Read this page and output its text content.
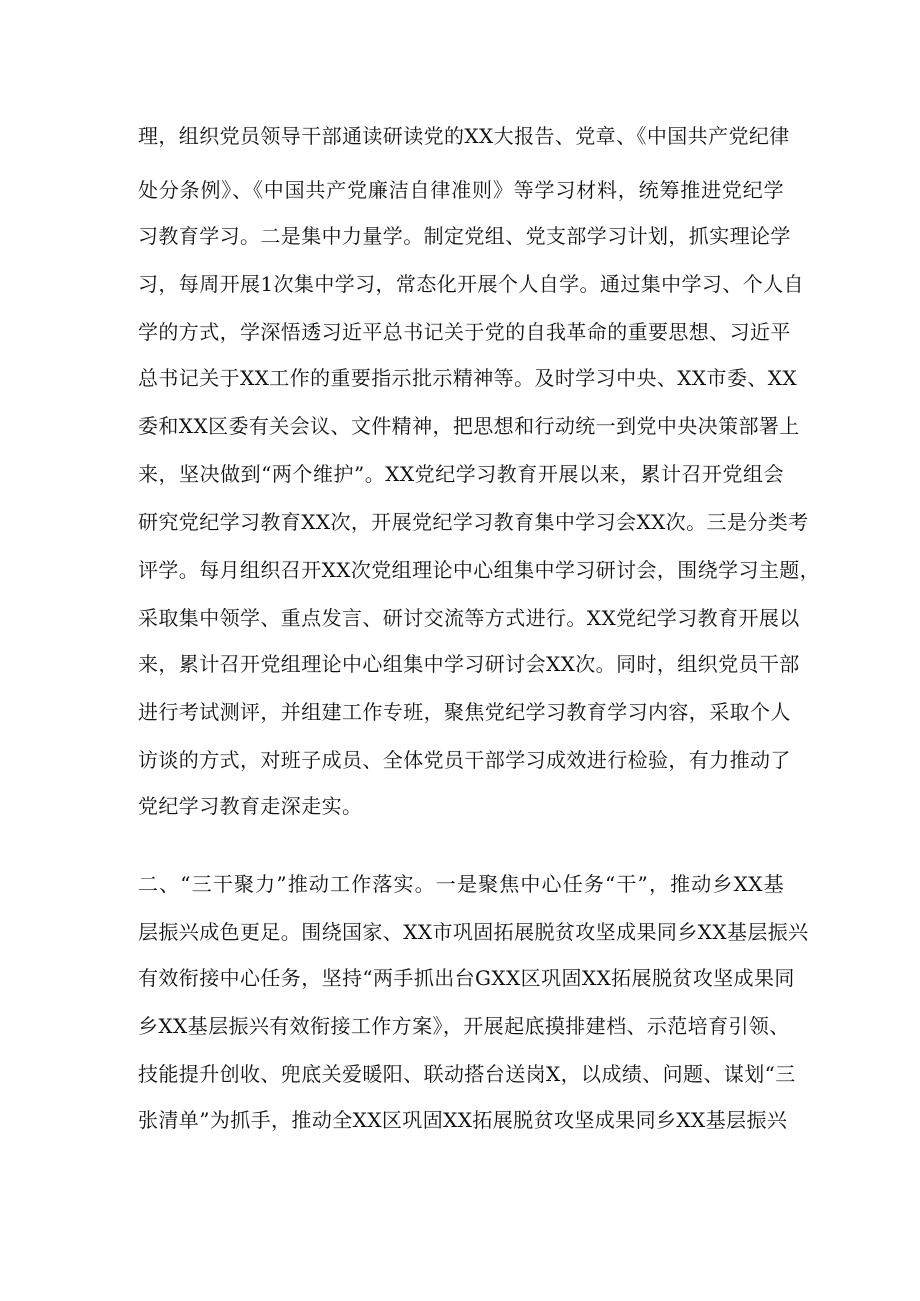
理，组织党员领导干部通读研读党的XX大报告、党章、《中国共产党纪律
处分条例》、《中国共产党廉洁自律准则》等学习材料，统筹推进党纪学
习教育学习。二是集中力量学。制定党组、党支部学习计划，抓实理论学
习，每周开展1次集中学习，常态化开展个人自学。通过集中学习、个人自
学的方式，学深悟透习近平总书记关于党的自我革命的重要思想、习近平
总书记关于XX工作的重要指示批示精神等。及时学习中央、XX市委、XX
委和XX区委有关会议、文件精神，把思想和行动统一到党中央决策部署上
来，坚决做到“两个维护”。XX党纪学习教育开展以来，累计召开党组会
研究党纪学习教育XX次，开展党纪学习教育集中学习会XX次。三是分类考
评学。每月组织召开XX次党组理论中心组集中学习研讨会，围绕学习主题，
采取集中领学、重点发言、研讨交流等方式进行。XX党纪学习教育开展以
来，累计召开党组理论中心组集中学习研讨会XX次。同时，组织党员干部
进行考试测评，并组建工作专班，聚焦党纪学习教育学习内容，采取个人
访谈的方式，对班子成员、全体党员干部学习成效进行检验，有力推动了
党纪学习教育走深走实。
二、“三干聚力”推动工作落实。一是聚焦中心任务“干”，推动乡XX基
层振兴成色更足。围绕国家、XX市巩固拓展脱贫攻坚成果同乡XX基层振兴
有效衔接中心任务，坚持“两手抓出台GXX区巩固XX拓展脱贫攻坚成果同
乡XX基层振兴有效衔接工作方案》，开展起底摸排建档、示范培育引领、
技能提升创收、兜底关爱暖阳、联动搭台送岗X，以成绩、问题、谋划“三
张清单”为抓手，推动全XX区巩固XX拓展脱贫攻坚成果同乡XX基层振兴
